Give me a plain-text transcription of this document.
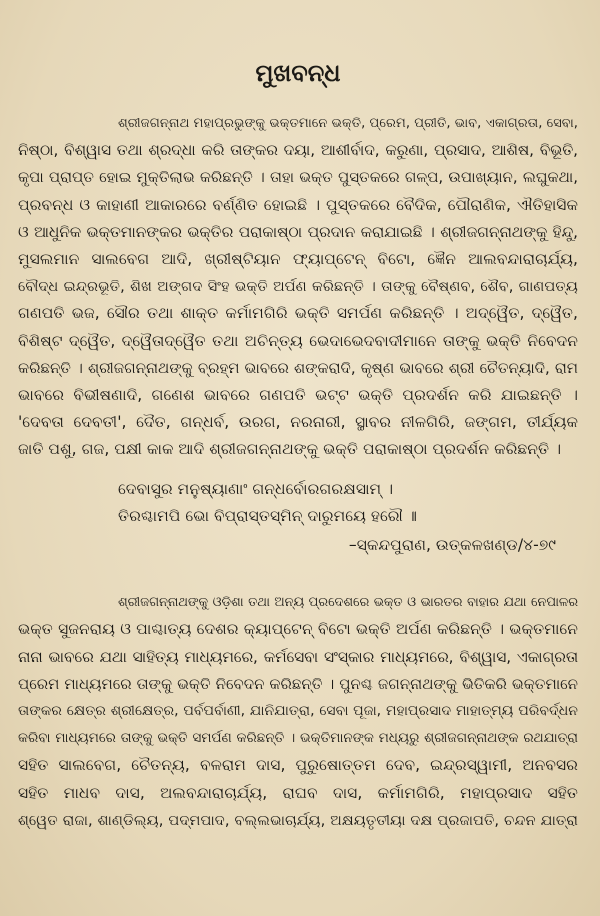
ମୁଖବନ୍ଧ

ଶ୍ରୀଜଗନ୍ନାଥ ମହାପ୍ରଭୁଙ୍କୁ ଭକ୍ତମାନେ ଭକ୍ତି, ପ୍ରେମ, ପ୍ରୀତି, ଭାବ, ଏକାଗ୍ରତା, ସେବା,
ନିଷ୍ଠା, ବିଶ୍ୱାସ ତଥା ଶ୍ରଦ୍ଧା କରି ତାଙ୍କର ଦୟା, ଆଶୀର୍ବାଦ, କରୁଣା, ପ୍ରସାଦ, ଆଶିଷ, ବିଭୂତି,
କୃପା ପ୍ରାପ୍ତ ହୋଇ ମୁକ୍ତିଲାଭ କରିଛନ୍ତି । ତାହା ଭକ୍ତ ପୁସ୍ତକରେ ଗଳ୍ପ, ଉପାଖ୍ୟାନ, ଲଘୁକଥା,
ପ୍ରବନ୍ଧ ଓ କାହାଣୀ ଆକାରରେ ବର୍ଣ୍ଣିତ ହୋଇଛି । ପୁସ୍ତକରେ ବୈଦିକ, ପୌରାଣିକ, ଐତିହାସିକ
ଓ ଆଧୁନିକ ଭକ୍ତମାନଙ୍କର ଭକ୍ତିର ପରାକାଷ୍ଠା ପ୍ରଦାନ କରାଯାଇଛି । ଶ୍ରୀଜଗନ୍ନାଥଙ୍କୁ ହିନ୍ଦୁ,
ମୁସଲମାନ ସାଲବେଗ ଆଦି, ଖ୍ରୀଷ୍ଟିୟାନ ଫ୍ୟାପ୍ଟେନ୍ ବିଟୋ, ଜ୍ଞୈନ ଆଲବନ୍ଦାରାଚାର୍ଯ୍ୟ,
ବୌଦ୍ଧ ଇନ୍ଦ୍ରଭୂତି, ଶିଖ ଅଙ୍ଗଦ ସିଂହ ଭକ୍ତି ଅର୍ପଣ କରିଛନ୍ତି । ତାଙ୍କୁ ବୈଷ୍ଣବ, ଶୈବ, ଗାଣପତ୍ୟ
ଗଣପତି ଭଜ, ସୌର ତଥା ଶାକ୍ତ କର୍ମାମଗିରି ଭକ୍ତି ସମର୍ପଣ କରିଛନ୍ତି । ଅଦ୍ୱୈତ, ଦ୍ୱୈତ,
ବିଶିଷ୍ଟ ଦ୍ୱୈତ, ଦ୍ୱୈତାଦ୍ୱୈତ ତଥା ଅଚିନ୍ତ୍ୟ ଭେଦାଭେଦବାଦୀମାନେ ତାଙ୍କୁ ଭକ୍ତି ନିବେଦନ
କରିଛନ୍ତି । ଶ୍ରୀଜଗନ୍ନାଥଙ୍କୁ ବ୍ରହ୍ମ ଭାବରେ ଶଙ୍କରାଦି, କୃଷ୍ଣ ଭାବରେ ଶ୍ରୀ ଚୈତନ୍ୟାଦି, ରାମ
ଭାବରେ ବିଭୀଷଣାଦି, ଗଣେଶ ଭାବରେ ଗଣପତି ଭଟ୍ଟ ଭକ୍ତି ପ୍ରଦର୍ଶନ କରି ଯାଇଛନ୍ତି ।
'ଦେବତା ଦେବତୀ', ଦୈତ, ଗନ୍ଧର୍ବ, ଉରଗ, ନରନାରୀ, ସ୍ଥାବର ନୀଳଗିରି, ଜଙ୍ଗମ, ତୀର୍ଯ୍ୟକ
ଜାତି ପଶୁ, ଗଜ, ପକ୍ଷୀ କାକ ଆଦି ଶ୍ରୀଜଗନ୍ନାଥଙ୍କୁ ଭକ୍ତି ପରାକାଷ୍ଠା ପ୍ରଦର୍ଶନ କରିଛନ୍ତି ।

ଦେବାସୁର ମନୁଷ୍ୟାଣାଂ ଗନ୍ଧର୍ବୋରଗରକ୍ଷସାମ୍ ।
ତିରଶ୍ଚାମପି ଭୋ ବିପ୍ରାସ୍ତସ୍ମିନ୍ ଦାରୁମୟେ ହରୌ ॥
–ସ୍କନ୍ଦପୁରାଣ, ଉତ୍କଳଖଣ୍ଡ/୪-୭୯

ଶ୍ରୀଜଗନ୍ନାଥଙ୍କୁ ଓଡ଼ିଶା ତଥା ଅନ୍ୟ ପ୍ରଦେଶରେ ଭକ୍ତ ଓ ଭାରତର ବାହାର ଯଥା ନେପାଳର
ଭକ୍ତ ସୁଜନରାୟ ଓ ପାଶ୍ଚାତ୍ୟ ଦେଶର କ୍ୟାପ୍ଟେନ୍ ବିଟୋ ଭକ୍ତି ଅର୍ପଣ କରିଛନ୍ତି । ଭକ୍ତମାନେ
ନାନା ଭାବରେ ଯଥା ସାହିତ୍ୟ ମାଧ୍ୟମରେ, କର୍ମସେବା ସଂସ୍କାର ମାଧ୍ୟମରେ, ବିଶ୍ୱାସ, ଏକାଗ୍ରତା
ପ୍ରେମ ମାଧ୍ୟମରେ ତାଙ୍କୁ ଭକ୍ତି ନିବେଦନ କରିଛନ୍ତି । ପୁନଶ୍ଚ ଜଗନ୍ନାଥଙ୍କୁ ଭିତିକରି ଭକ୍ତମାନେ
ତାଙ୍କର କ୍ଷେତ୍ର ଶ୍ରୀକ୍ଷେତ୍ର, ପର୍ବପର୍ବାଣୀ, ଯାନିଯାତ୍ରା, ସେବା ପୂଜା, ମହାପ୍ରସାଦ ମାହାତ୍ମ୍ୟ ପରିବର୍ଦ୍ଧନ
କରିବା ମାଧ୍ୟମରେ ତାଙ୍କୁ ଭକ୍ତି ସମର୍ପଣ କରିଛନ୍ତି । ଭକ୍ତିମାନଙ୍କ ମଧ୍ୟରୁ ଶ୍ରୀଜଗନ୍ନାଥଙ୍କ ରଥଯାତ୍ରା
ସହିତ ସାଲବେଗ, ଚୈତନ୍ୟ, ବଳରାମ ଦାସ, ପୁରୁଷୋତ୍ତମ ଦେବ, ଇନ୍ଦ୍ରସ୍ୱାମୀ, ଅନବସର
ସହିତ ମାଧବ ଦାସ, ଅଲବନ୍ଦାରାଚାର୍ଯ୍ୟ, ରାଘବ ଦାସ, କର୍ମାମଗିରି, ମହାପ୍ରସାଦ ସହିତ
ଶ୍ୱେତ ରାଜା, ଶାଣ୍ଡିଲ୍ୟ, ପଦ୍ମପାଦ, ବଲ୍ଲଭାଚାର୍ଯ୍ୟ, ଅକ୍ଷୟତୃତୀୟା ଦକ୍ଷ ପ୍ରଜାପତି, ଚନ୍ଦନ ଯାତ୍ରା
